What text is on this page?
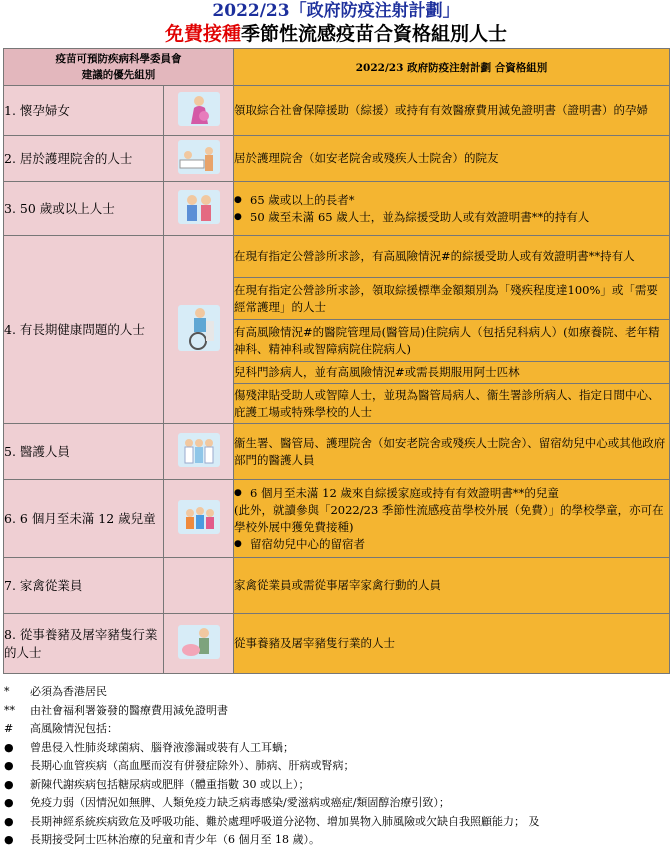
2022/23「政府防疫注射計劃」
免費接種季節性流感疫苗合資格組別人士
疫苗可預防疾病科學委員會
建議的優先組別		2022/23 政府防疫注射計劃 合資格組別
1. 懷孕婦女		領取綜合社會保障援助（綜援）或持有有效醫療費用減免證明書（證明書）的孕婦
2. 居於護理院舍的人士		居於護理院舍（如安老院舍或殘疾人士院舍）的院友
3. 50 歲或以上人士		● 65 歲或以上的長者*
● 50 歲至未滿 65 歲人士，並為綜援受助人或有效證明書**的持有人

4. 有長期健康問題的人士		在現有指定公營診所求診，有高風險情況#的綜援受助人或有效證明書**持有人
		在現有指定公營診所求診，領取綜援標準金額類別為「殘疾程度達100%」或「需要經常護理」的人士
		有高風險情況#的醫院管理局(醫管局)住院病人（包括兒科病人）(如療養院、老年精神科、精神科或智障病院住院病人)
		兒科門診病人，並有高風險情況#或需長期服用阿士匹林
		傷殘津貼受助人或智障人士，並現為醫管局病人、衞生署診所病人、指定日間中心、庇護工場或特殊學校的人士
5. 醫護人員		衞生署、醫管局、護理院舍（如安老院舍或殘疾人士院舍）、留宿幼兒中心或其他政府部門的醫護人員
6. 6 個月至未滿 12 歲兒童		● 6 個月至未滿 12 歲來自綜援家庭或持有有效證明書**的兒童
(此外，就讀參與「2022/23 季節性流感疫苗學校外展（免費）」的學校學童，亦可在學校外展中獲免費接種)
● 留宿幼兒中心的留宿者

7. 家禽從業員		家禽從業員或需從事屠宰家禽行動的人員
8. 從事養豬及屠宰豬隻行業的人士		從事養豬及屠宰豬隻行業的人士
*	必須為香港居民
**	由社會福利署簽發的醫療費用減免證明書
#	高風險情況包括：
●	曾患侵入性肺炎球菌病、腦脊液滲漏或裝有人工耳蝸；
●	長期心血管疾病（高血壓而沒有併發症除外）、肺病、肝病或腎病；
●	新陳代謝疾病包括糖尿病或肥胖（體重指數 30 或以上）；
●	免疫力弱（因情況如無脾、人類免疫力缺乏病毒感染/愛滋病或癌症/類固醇治療引致）；
●	長期神經系統疾病致危及呼吸功能、難於處理呼吸道分泌物、增加異物入肺風險或欠缺自我照顧能力； 及
●	長期接受阿士匹林治療的兒童和青少年（6 個月至 18 歲）。
